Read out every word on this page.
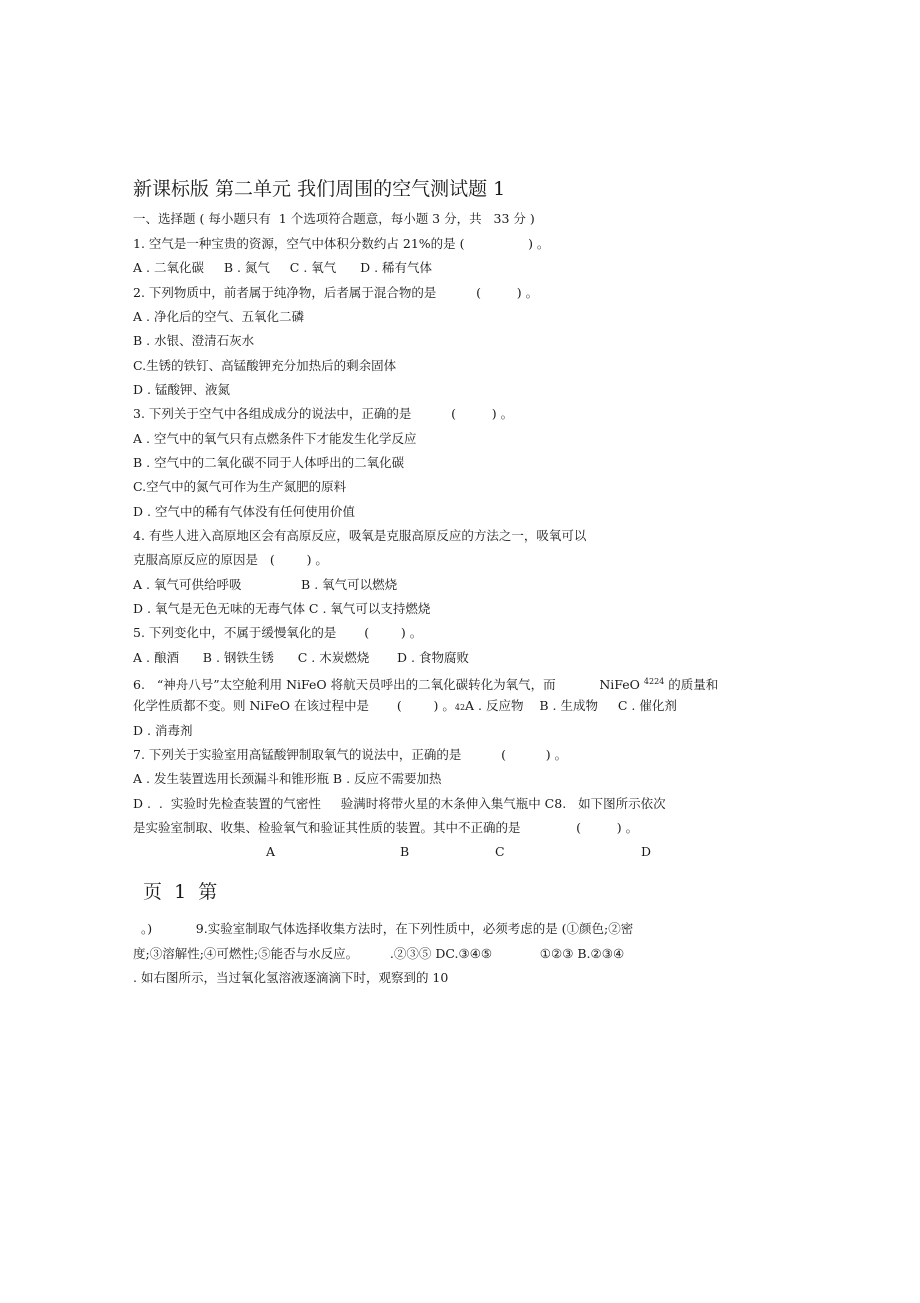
新课标版 第二单元 我们周围的空气测试题 1
一、选择题 ( 每小题只有  1 个选项符合题意，每小题 3 分，共   33 分 )
1. 空气是一种宝贵的资源，空气中体积分数约占 21%的是 (                ) 。
A . 二氧化碳     B . 氮气     C . 氧气      D . 稀有气体
2. 下列物质中，前者属于纯净物，后者属于混合物的是          (         ) 。
A . 净化后的空气、五氧化二磷
B . 水银、澄清石灰水
C.生锈的铁钉、高锰酸钾充分加热后的剩余固体
D . 锰酸钾、液氮
3. 下列关于空气中各组成成分的说法中，正确的是          (         ) 。
A . 空气中的氧气只有点燃条件下才能发生化学反应
B . 空气中的二氧化碳不同于人体呼出的二氧化碳
C.空气中的氮气可作为生产氮肥的原料
D . 空气中的稀有气体没有任何使用价值
4. 有些人进入高原地区会有高原反应，吸氧是克服高原反应的方法之一，吸氧可以
克服高原反应的原因是   (        ) 。
A . 氧气可供给呼吸               B . 氧气可以燃烧
D . 氧气是无色无味的无毒气体 C . 氧气可以支持燃烧
5. 下列变化中，不属于缓慢氧化的是       (        ) 。
A . 酿酒      B . 钢铁生锈      C . 木炭燃烧       D . 食物腐败
6.   “神舟八号”太空舱利用 NiFeO 将航天员呼出的二氧化碳转化为氧气，而           NiFeO $^{4224}$ 的质量和
化学性质都不变。则 NiFeO 在该过程中是       (        ) 。42A . 反应物    B . 生成物     C . 催化剂
D . 消毒剂
7. 下列关于实验室用高锰酸钾制取氧气的说法中，正确的是          (          ) 。
A . 发生装置选用长颈漏斗和锥形瓶 B . 反应不需要加热
D .  .  实验时先检查装置的气密性     验满时将带火星的木条伸入集气瓶中 C8.   如下图所示依次
是实验室制取、收集、检验氧气和验证其性质的装置。其中不正确的是              (         ) 。
A	B	C	D
页  1  第
。)           9.实验室制取气体选择收集方法时，在下列性质中，必须考虑的是 (①颜色;②密
度;③溶解性;④可燃性;⑤能否与水反应。        .②③⑤ DC.③④⑤            ①②③ B.②③④
. 如右图所示，当过氧化氢溶液逐滴滴下时，观察到的 10
